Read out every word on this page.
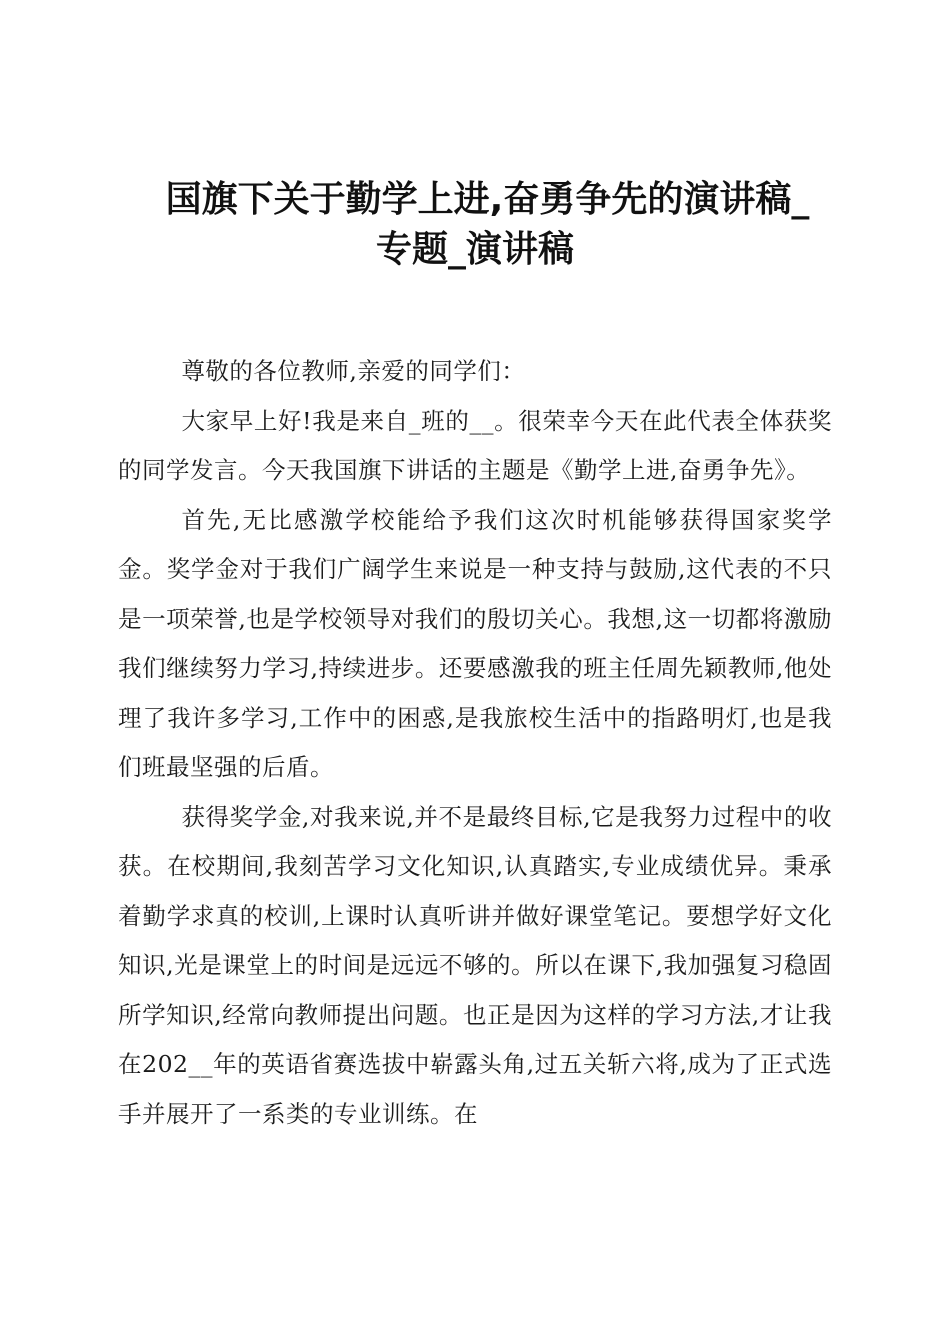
国旗下关于勤学上进,奋勇争先的演讲稿_
专题_演讲稿

尊敬的各位教师,亲爱的同学们：

大家早上好!我是来自_班的__。很荣幸今天在此代表全体获奖的同学发言。今天我国旗下讲话的主题是《勤学上进,奋勇争先》。

首先,无比感激学校能给予我们这次时机能够获得国家奖学金。奖学金对于我们广阔学生来说是一种支持与鼓励,这代表的不只是一项荣誉,也是学校领导对我们的殷切关心。我想,这一切都将激励我们继续努力学习,持续进步。还要感激我的班主任周先颖教师,他处理了我许多学习,工作中的困惑,是我旅校生活中的指路明灯,也是我们班最坚强的后盾。

获得奖学金,对我来说,并不是最终目标,它是我努力过程中的收获。在校期间,我刻苦学习文化知识,认真踏实,专业成绩优异。秉承着勤学求真的校训,上课时认真听讲并做好课堂笔记。要想学好文化知识,光是课堂上的时间是远远不够的。所以在课下,我加强复习稳固所学知识,经常向教师提出问题。也正是因为这样的学习方法,才让我在202__年的英语省赛选拔中崭露头角,过五关斩六将,成为了正式选手并展开了一系类的专业训练。在
